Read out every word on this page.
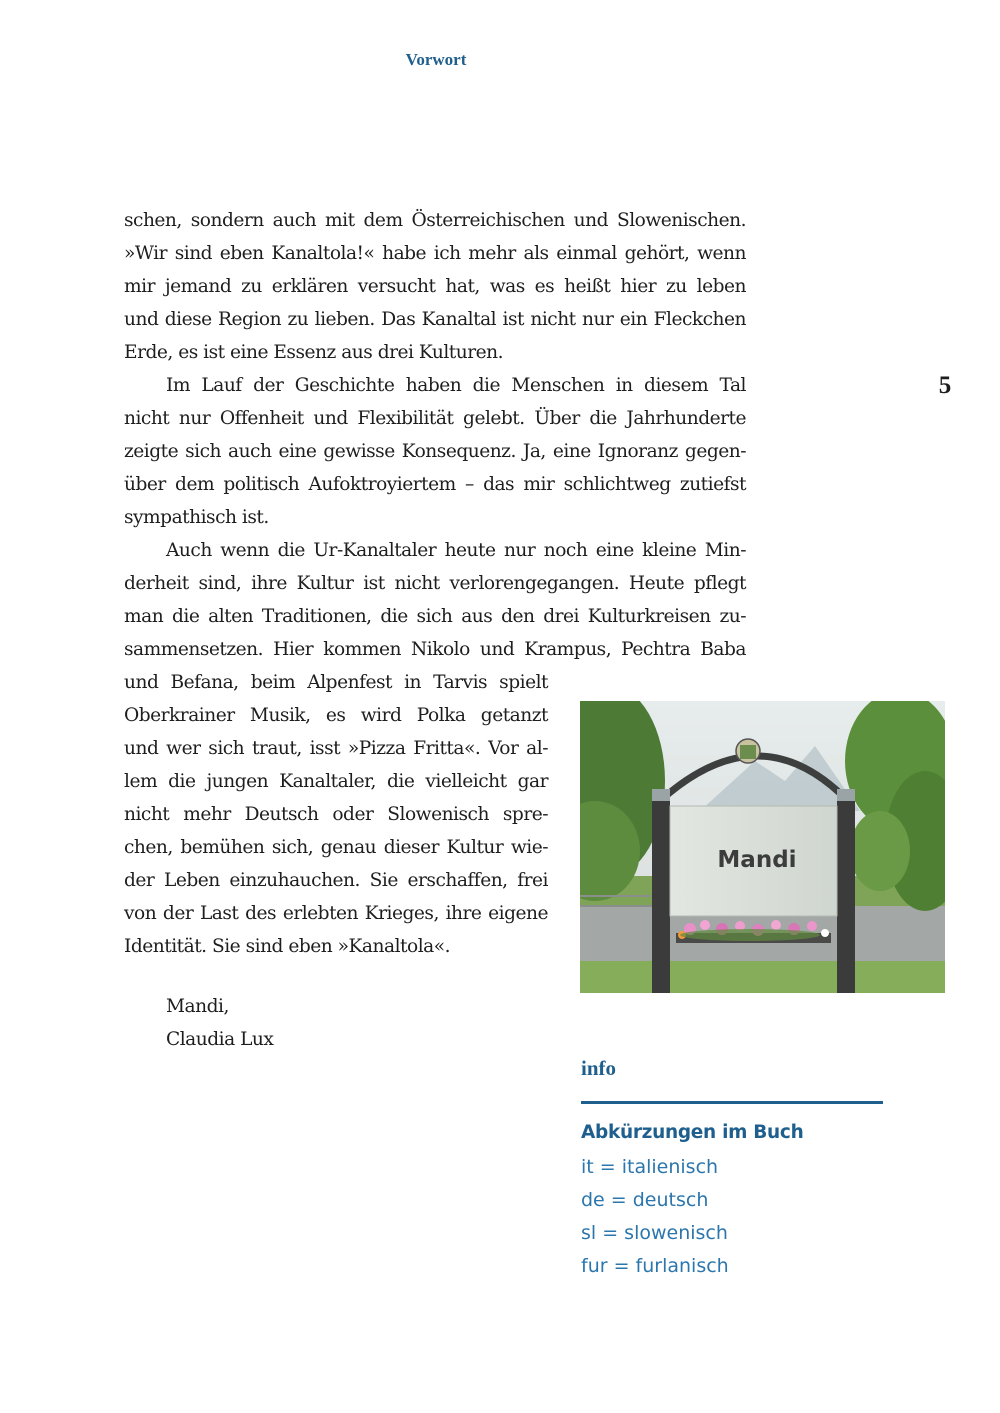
Vorwort
5
schen, sondern auch mit dem Österreichischen und Slowenischen.
»Wir sind eben Kanaltola!« habe ich mehr als einmal gehört, wenn
mir jemand zu erklären versucht hat, was es heißt hier zu leben
und diese Region zu lieben. Das Kanaltal ist nicht nur ein Fleckchen
Erde, es ist eine Essenz aus drei Kulturen.
Im Lauf der Geschichte haben die Menschen in diesem Tal
nicht nur Offenheit und Flexibilität gelebt. Über die Jahrhunderte
zeigte sich auch eine gewisse Konsequenz. Ja, eine Ignoranz gegen-
über dem politisch Aufoktroyiertem – das mir schlichtweg zutiefst
sympathisch ist.
Auch wenn die Ur-Kanaltaler heute nur noch eine kleine Min-
derheit sind, ihre Kultur ist nicht verlorengegangen. Heute pflegt
man die alten Traditionen, die sich aus den drei Kulturkreisen zu-
sammensetzen. Hier kommen Nikolo und Krampus, Pechtra Baba
und Befana, beim Alpenfest in Tarvis spielt
Oberkrainer Musik, es wird Polka getanzt
und wer sich traut, isst »Pizza Fritta«. Vor al-
lem die jungen Kanaltaler, die vielleicht gar
nicht mehr Deutsch oder Slowenisch spre-
chen, bemühen sich, genau dieser Kultur wie-
der Leben einzuhauchen. Sie erschaffen, frei
von der Last des erlebten Krieges, ihre eigene
Identität. Sie sind eben »Kanaltola«.
Mandi,
Claudia Lux
Mandi
info
Abkürzungen im Buch
it = italienisch
de = deutsch
sl = slowenisch
fur = furlanisch
